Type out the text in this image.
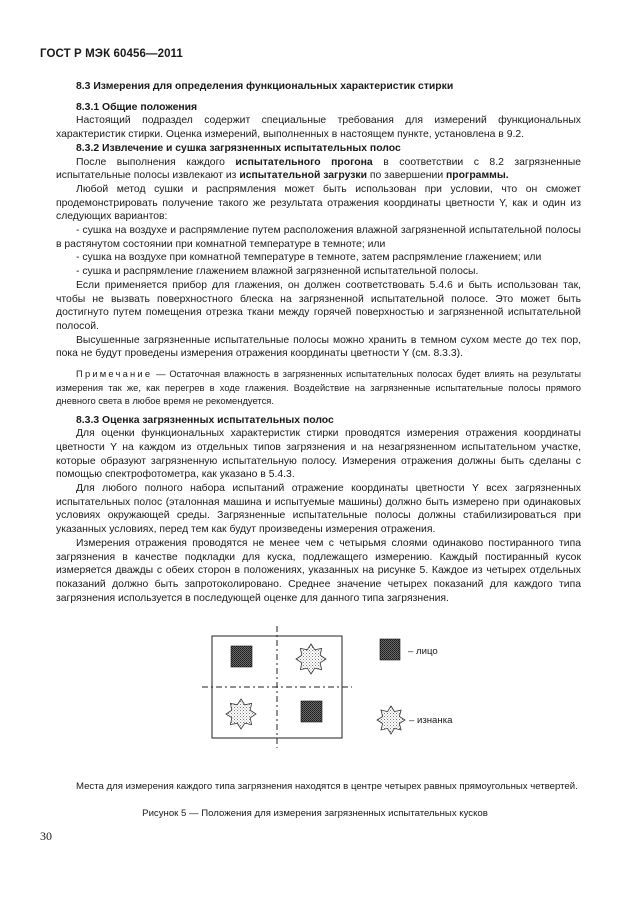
ГОСТ Р МЭК 60456—2011

8.3 Измерения для определения функциональных характеристик стирки

8.3.1 Общие положения

Настоящий подраздел содержит специальные требования для измерений функциональных характеристик стирки. Оценка измерений, выполненных в настоящем пункте, установлена в 9.2.

8.3.2 Извлечение и сушка загрязненных испытательных полос

После выполнения каждого испытательного прогона в соответствии с 8.2 загрязненные испытательные полосы извлекают из испытательной загрузки по завершении программы.

Любой метод сушки и распрямления может быть использован при условии, что он сможет продемонстрировать получение такого же результата отражения координаты цветности Y, как и один из следующих вариантов:

- сушка на воздухе и распрямление путем расположения влажной загрязненной испытательной полосы в растянутом состоянии при комнатной температуре в темноте; или

- сушка на воздухе при комнатной температуре в темноте, затем распрямление глажением; или

- сушка и распрямление глажением влажной загрязненной испытательной полосы.

Если применяется прибор для глажения, он должен соответствовать 5.4.6 и быть использован так, чтобы не вызвать поверхностного блеска на загрязненной испытательной полосе. Это может быть достигнуто путем помещения отрезка ткани между горячей поверхностью и загрязненной испытательной полосой.

Высушенные загрязненные испытательные полосы можно хранить в темном сухом месте до тех пор, пока не будут проведены измерения отражения координаты цветности Y (см. 8.3.3).

Примечание — Остаточная влажность в загрязненных испытательных полосах будет влиять на результаты измерения так же, как перегрев в ходе глажения. Воздействие на загрязненные испытательные полосы прямого дневного света в любое время не рекомендуется.

8.3.3 Оценка загрязненных испытательных полос

Для оценки функциональных характеристик стирки проводятся измерения отражения координаты цветности Y на каждом из отдельных типов загрязнения и на незагрязненном испытательном участке, которые образуют загрязненную испытательную полосу. Измерения отражения должны быть сделаны с помощью спектрофотометра, как указано в 5.4.3.

Для любого полного набора испытаний отражение координаты цветности Y всех загрязненных испытательных полос (эталонная машина и испытуемые машины) должно быть измерено при одинаковых условиях окружающей среды. Загрязненные испытательные полосы должны стабилизироваться при указанных условиях, перед тем как будут произведены измерения отражения.

Измерения отражения проводятся не менее чем с четырьмя слоями одинаково постиранного типа загрязнения в качестве подкладки для куска, подлежащего измерению. Каждый постиранный кусок измеряется дважды с обеих сторон в положениях, указанных на рисунке 5. Каждое из четырех отдельных показаний должно быть запротоколировано. Среднее значение четырех показаний для каждого типа загрязнения используется в последующей оценке для данного типа загрязнения.

– лицо
– изнанка

Места для измерения каждого типа загрязнения находятся в центре четырех равных прямоугольных четвертей.

Рисунок 5 — Положения для измерения загрязненных испытательных кусков
30
